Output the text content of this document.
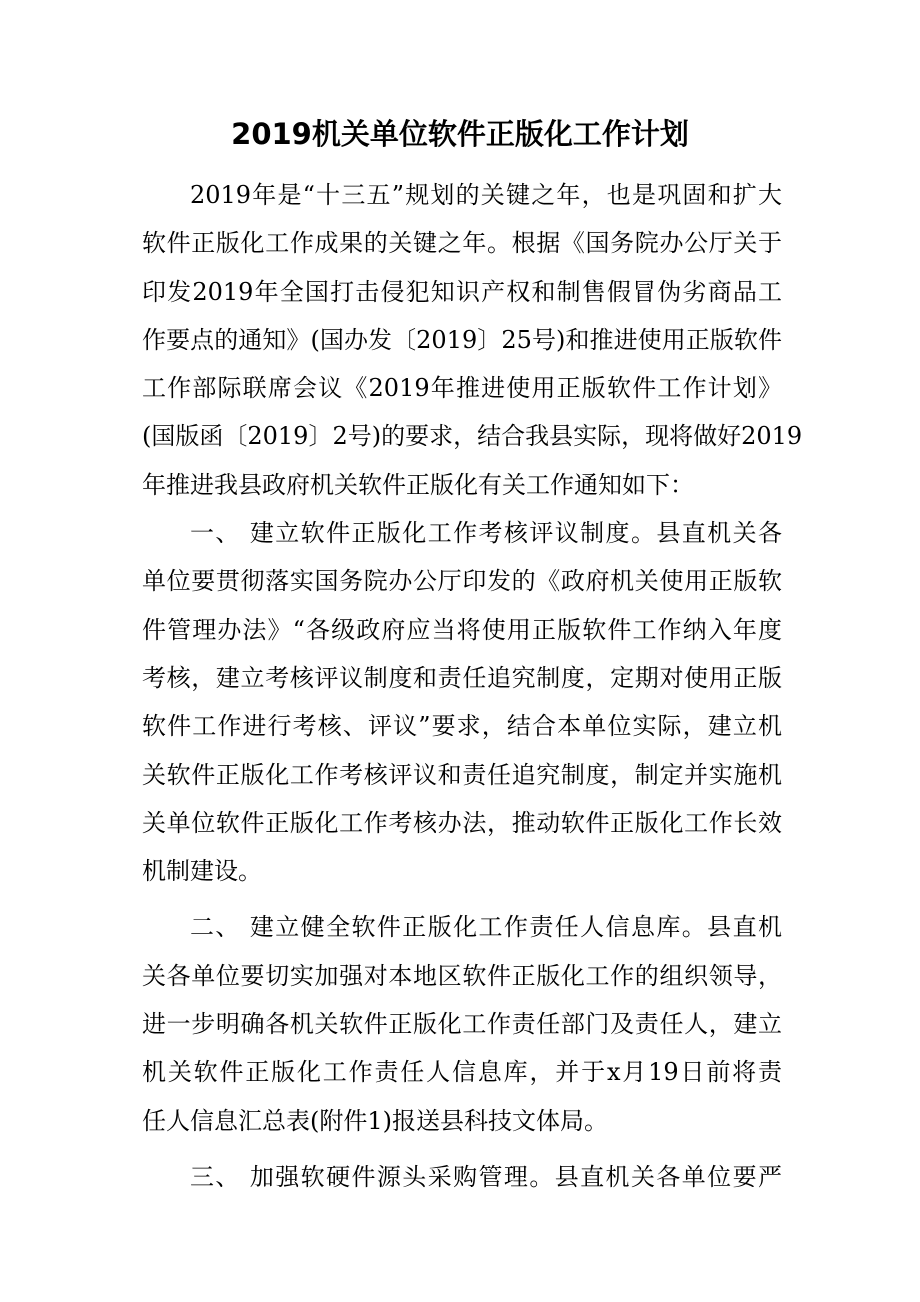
2019机关单位软件正版化工作计划
2019年是“十三五”规划的关键之年，也是巩固和扩大
软件正版化工作成果的关键之年。根据《国务院办公厅关于
印发2019年全国打击侵犯知识产权和制售假冒伪劣商品工
作要点的通知》(国办发〔2019〕25号)和推进使用正版软件
工作部际联席会议《2019年推进使用正版软件工作计划》
(国版函〔2019〕2号)的要求，结合我县实际，现将做好2019
年推进我县政府机关软件正版化有关工作通知如下：
一、 建立软件正版化工作考核评议制度。县直机关各
单位要贯彻落实国务院办公厅印发的《政府机关使用正版软
件管理办法》“各级政府应当将使用正版软件工作纳入年度
考核，建立考核评议制度和责任追究制度，定期对使用正版
软件工作进行考核、评议”要求，结合本单位实际，建立机
关软件正版化工作考核评议和责任追究制度，制定并实施机
关单位软件正版化工作考核办法，推动软件正版化工作长效
机制建设。
二、 建立健全软件正版化工作责任人信息库。县直机
关各单位要切实加强对本地区软件正版化工作的组织领导，
进一步明确各机关软件正版化工作责任部门及责任人，建立
机关软件正版化工作责任人信息库，并于x月19日前将责
任人信息汇总表(附件1)报送县科技文体局。
三、 加强软硬件源头采购管理。县直机关各单位要严
